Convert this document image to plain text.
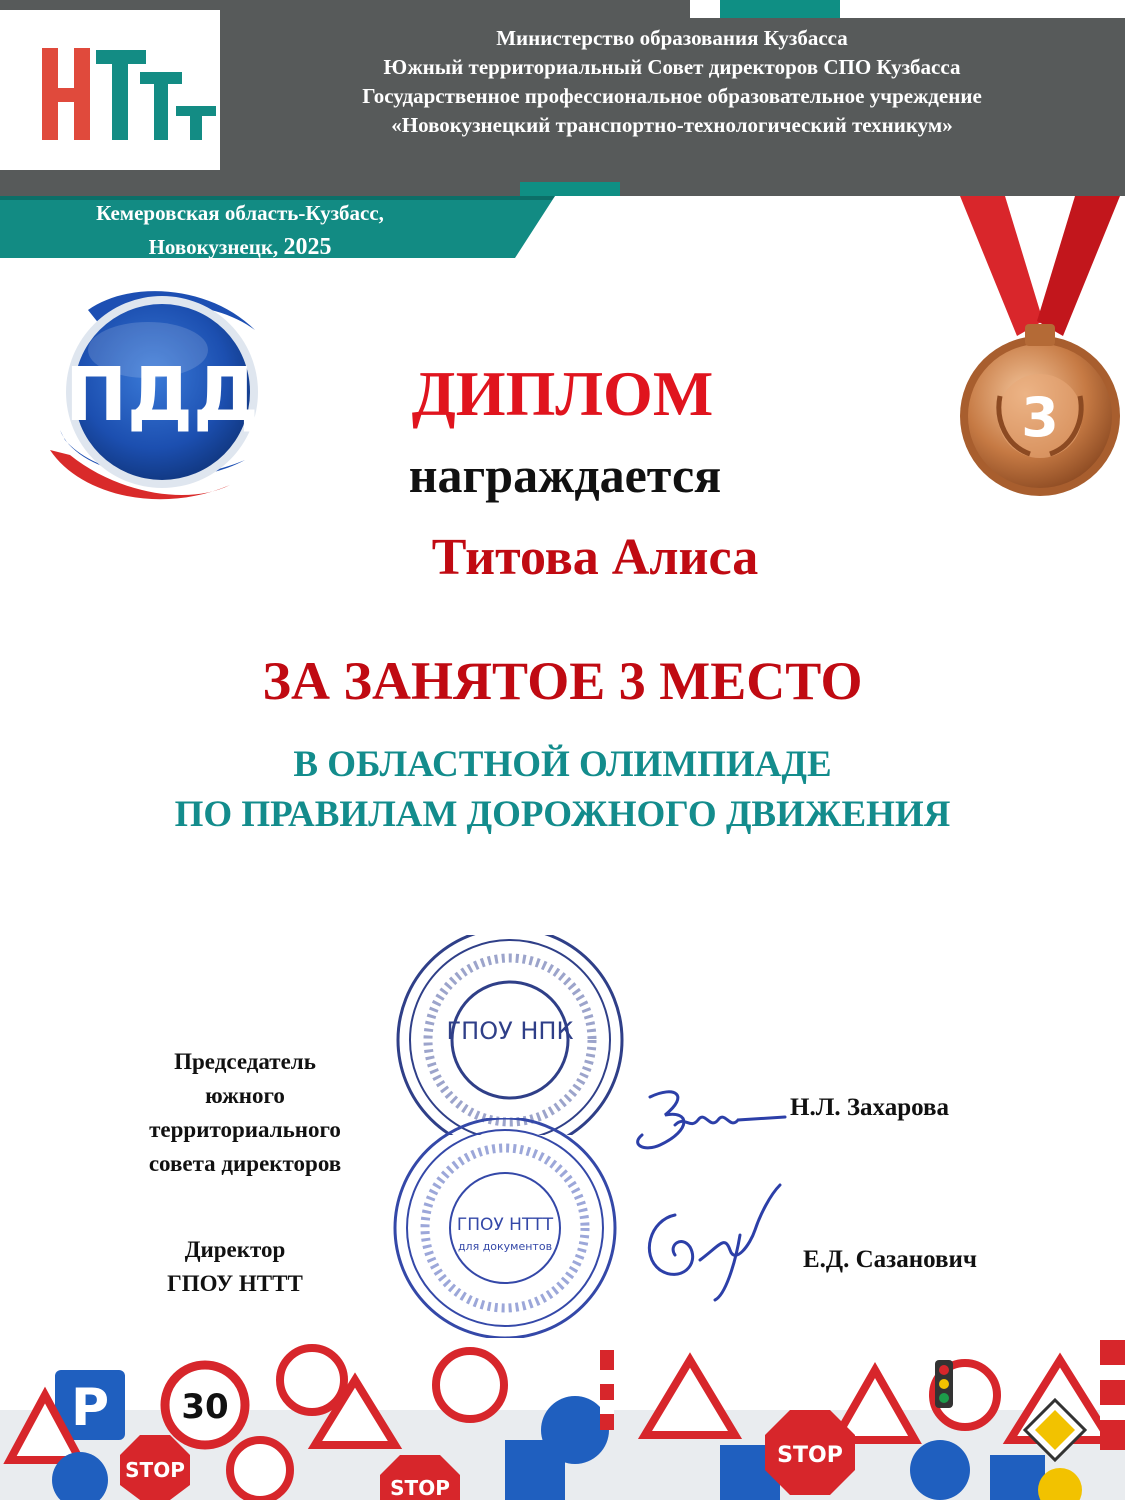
НТТТ
Министерство образования Кузбасса
Южный территориальный Совет директоров СПО Кузбасса
Государственное профессиональное образовательное учреждение
«Новокузнецкий транспортно-технологический техникум»
Кемеровская область-Кузбасс,
Новокузнецк, 2025
ПДД	3
ДИПЛОМ
награждается
Титова Алиса
ЗА ЗАНЯТОЕ 3 МЕСТО
В ОБЛАСТНОЙ ОЛИМПИАДЕ
ПО ПРАВИЛАМ ДОРОЖНОГО ДВИЖЕНИЯ
ГПОУ НПК
ГПОУ НТТТ
для документов
Председатель
южного
территориального
совета директоров
Директор
ГПОУ НТТТ
Н.Л. Захарова
Е.Д. Сазанович
P 30
STOP
STOP
STOP
